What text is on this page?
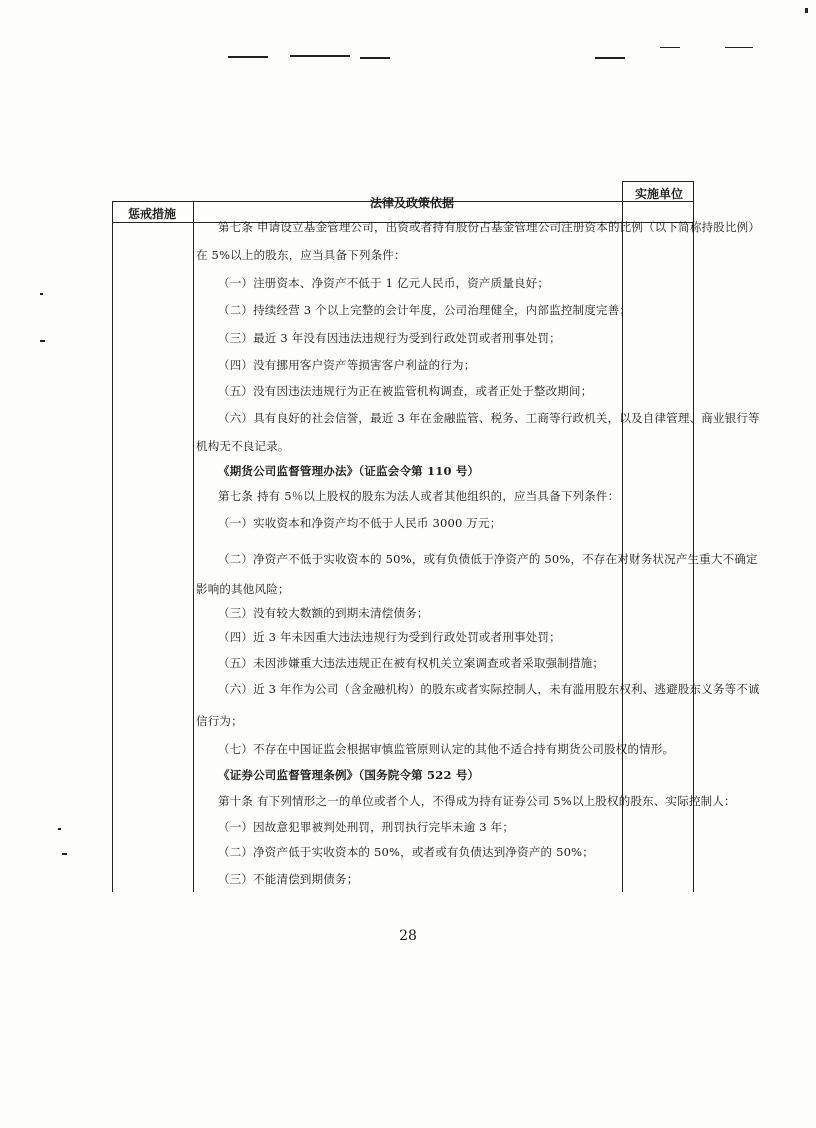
惩戒措施
法律及政策依据
实施单位
第七条 申请设立基金管理公司，出资或者持有股份占基金管理公司注册资本的比例（以下简称持股比例）
在 5%以上的股东，应当具备下列条件：
（一）注册资本、净资产不低于 1 亿元人民币，资产质量良好；
（二）持续经营 3 个以上完整的会计年度，公司治理健全，内部监控制度完善；
（三）最近 3 年没有因违法违规行为受到行政处罚或者刑事处罚；
（四）没有挪用客户资产等损害客户利益的行为；
（五）没有因违法违规行为正在被监管机构调查，或者正处于整改期间；
（六）具有良好的社会信誉，最近 3 年在金融监管、税务、工商等行政机关，以及自律管理、商业银行等
机构无不良记录。
《期货公司监督管理办法》（证监会令第 110 号）
第七条 持有 5％以上股权的股东为法人或者其他组织的，应当具备下列条件：
（一）实收资本和净资产均不低于人民币 3000 万元；
（二）净资产不低于实收资本的 50%，或有负债低于净资产的 50%，不存在对财务状况产生重大不确定
影响的其他风险；
（三）没有较大数额的到期未清偿债务；
（四）近 3 年未因重大违法违规行为受到行政处罚或者刑事处罚；
（五）未因涉嫌重大违法违规正在被有权机关立案调查或者采取强制措施；
（六）近 3 年作为公司（含金融机构）的股东或者实际控制人，未有滥用股东权利、逃避股东义务等不诚
信行为；
（七）不存在中国证监会根据审慎监管原则认定的其他不适合持有期货公司股权的情形。
《证券公司监督管理条例》（国务院令第 522 号）
第十条 有下列情形之一的单位或者个人，不得成为持有证券公司 5%以上股权的股东、实际控制人：
（一）因故意犯罪被判处刑罚，刑罚执行完毕未逾 3 年；
（二）净资产低于实收资本的 50%，或者或有负债达到净资产的 50%；
（三）不能清偿到期债务；
28
